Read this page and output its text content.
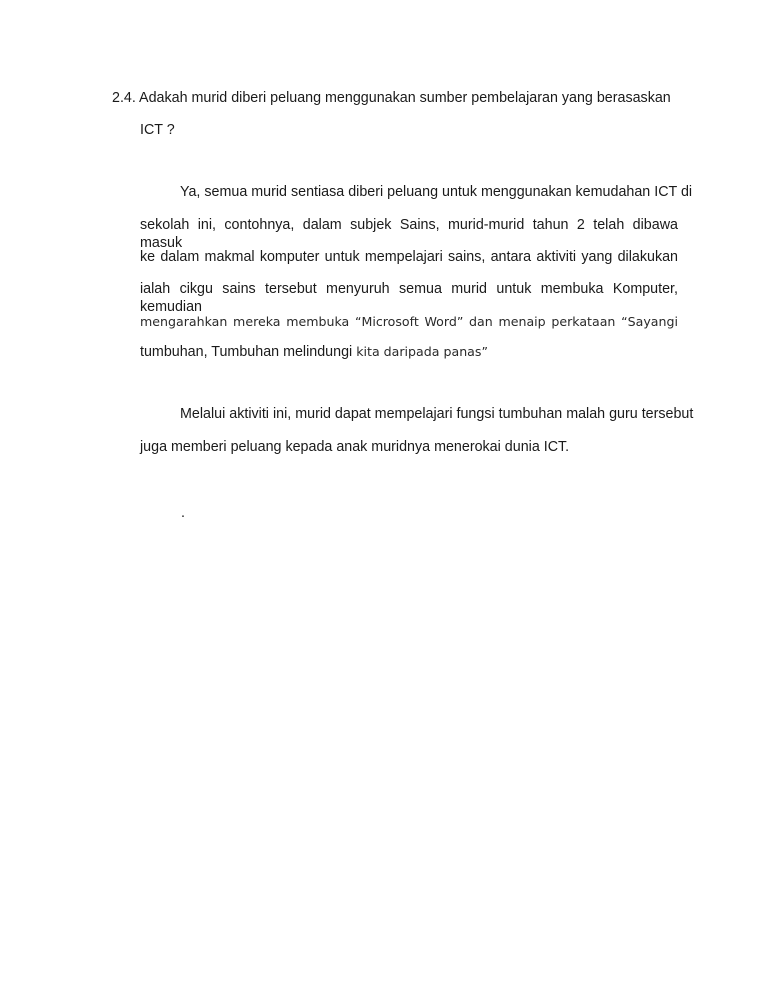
2.4. Adakah murid diberi peluang menggunakan sumber pembelajaran yang berasaskan
ICT ?
Ya, semua murid sentiasa diberi peluang untuk menggunakan kemudahan ICT di
sekolah ini, contohnya, dalam subjek Sains, murid-murid tahun 2 telah dibawa masuk
ke dalam makmal komputer untuk mempelajari sains, antara aktiviti yang dilakukan
ialah cikgu sains tersebut menyuruh semua murid untuk membuka Komputer, kemudian
mengarahkan mereka membuka “Microsoft Word” dan menaip perkataan “Sayangi
tumbuhan, Tumbuhan melindungi kita daripada panas”
Melalui aktiviti ini, murid dapat mempelajari fungsi tumbuhan malah guru tersebut
juga memberi peluang kepada anak muridnya menerokai dunia ICT.
.
